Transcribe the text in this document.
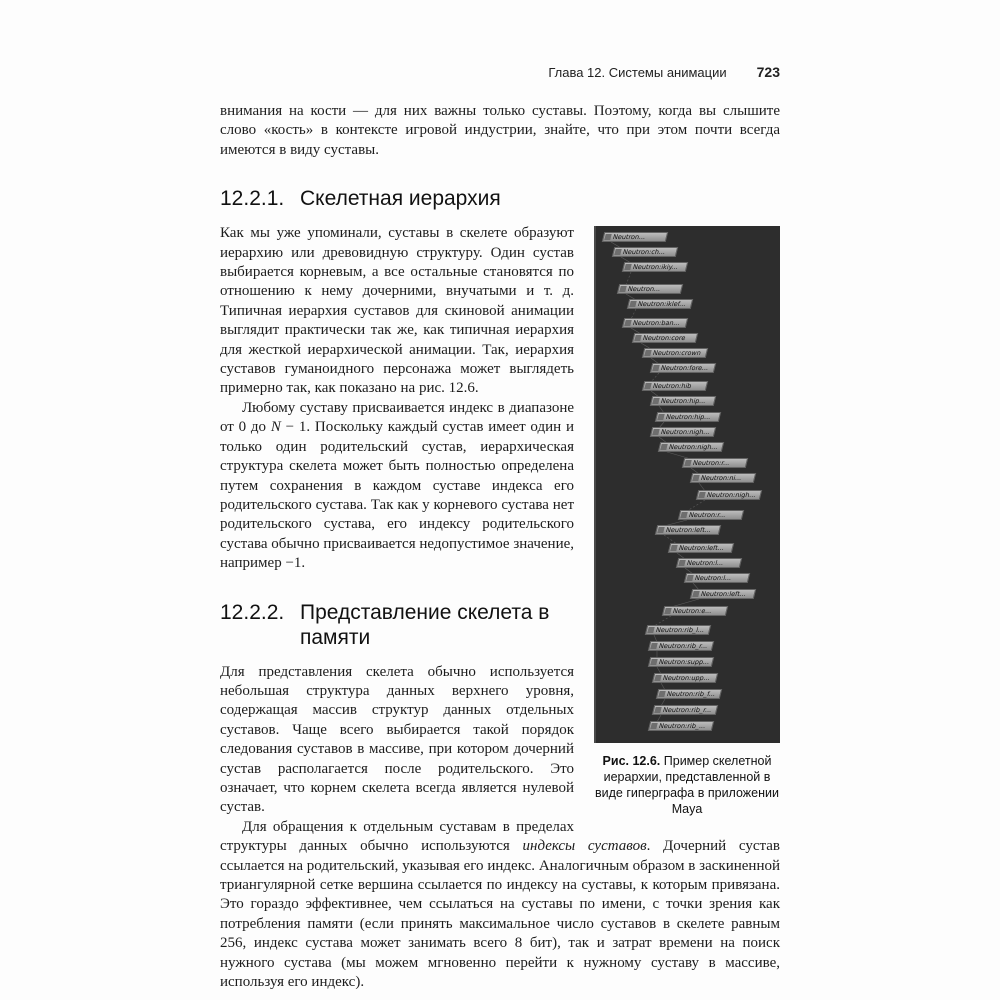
Глава 12. Системы анимации 723

внимания на кости — для них важны только суставы. Поэтому, когда вы слышите слово «кость» в контексте игровой индустрии, знайте, что при этом почти всегда имеются в виду суставы.

12.2.1. Скелетная иерархия

Neutron...
Neutron:ch...
Neutron:ikiy...
Neutron...
Neutron:iklef...
Neutron:ban...
Neutron:core
Neutron:crown
Neutron:fore...
Neutron:hib
Neutron:hip...
Neutron:hip...
Neutron:nigh...
Neutron:nigh...
Neutron:r...
Neutron:ni...
Neutron:nigh...
Neutron:r...
Neutron:left...
Neutron:left...
Neutron:l...
Neutron:l...
Neutron:left...
Neutron:e...
Neutron:rib_l...
Neutron:rib_r...
Neutron:supp...
Neutron:upp...
Neutron:rib_f...
Neutron:rib_r...
Neutron:rib_...
Рис. 12.6. Пример скелетной иерархии, представленной в виде гиперграфа в приложении Maya
Как мы уже упоминали, суставы в скелете образуют иерархию или древовидную структуру. Один сустав выбирается корневым, а все остальные становятся по отношению к нему дочерними, внучатыми и т. д. Типичная иерархия суставов для скиновой анимации выглядит практически так же, как типичная иерархия для жесткой иерархической анимации. Так, иерархия суставов гуманоидного персонажа может выглядеть примерно так, как показано на рис. 12.6.

Любому суставу присваивается индекс в диапазоне от 0 до N − 1. Поскольку каждый сустав имеет один и только один родительский сустав, иерархическая структура скелета может быть полностью определена путем сохранения в каждом суставе индекса его родительского сустава. Так как у корневого сустава нет родительского сустава, его индексу родительского сустава обычно присваивается недопустимое значение, например −1.

12.2.2. Представление скелета в памяти

Для представления скелета обычно используется небольшая структура данных верхнего уровня, содержащая массив структур данных отдельных суставов. Чаще всего выбирается такой порядок следования суставов в массиве, при котором дочерний сустав располагается после родительского. Это означает, что корнем скелета всегда является нулевой сустав.

Для обращения к отдельным суставам в пределах структуры данных обычно используются индексы суставов. Дочерний сустав ссылается на родительский, указывая его индекс. Аналогичным образом в заскиненной триангулярной сетке вершина ссылается по индексу на суставы, к которым привязана. Это гораздо эффективнее, чем ссылаться на суставы по имени, с точки зрения как потребления памяти (если принять максимальное число суставов в скелете равным 256, индекс сустава может занимать всего 8 бит), так и затрат времени на поиск нужного сустава (мы можем мгновенно перейти к нужному суставу в массиве, используя его индекс).
